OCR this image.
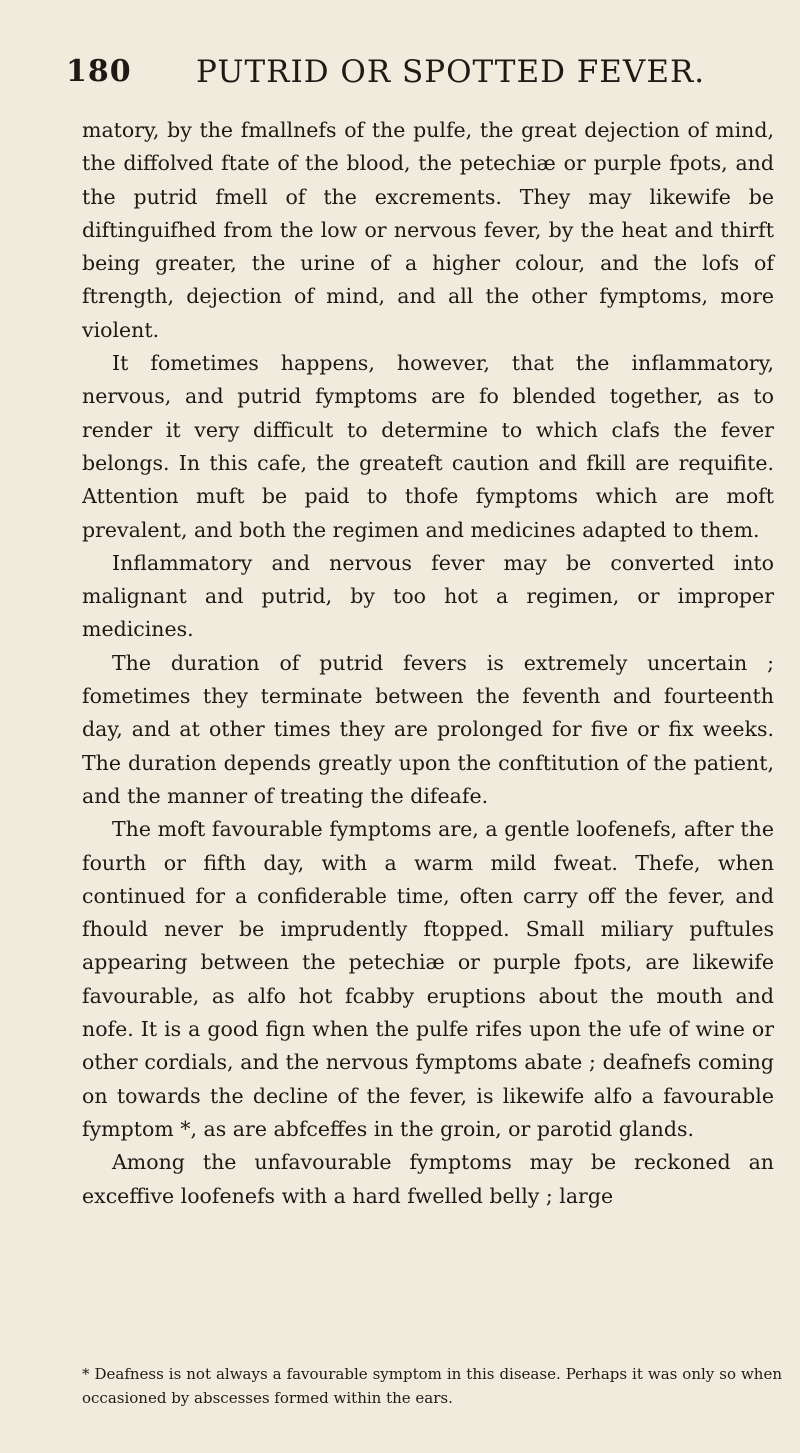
180 PUTRID OR SPOTTED FEVER.

matory, by the fmallnefs of the pulfe, the great dejection of mind, the diffolved ftate of the blood, the petechiæ or purple fpots, and the putrid fmell of the excrements. They may likewife be diftinguifhed from the low or nervous fever, by the heat and thirft being greater, the urine of a higher colour, and the lofs of ftrength, dejection of mind, and all the other fymptoms, more violent.

It fometimes happens, however, that the inflammatory, nervous, and putrid fymptoms are fo blended together, as to render it very difficult to determine to which clafs the fever belongs. In this cafe, the greateft caution and fkill are requifite. Attention muft be paid to thofe fymptoms which are moft prevalent, and both the regimen and medicines adapted to them.

Inflammatory and nervous fever may be converted into malignant and putrid, by too hot a regimen, or improper medicines.

The duration of putrid fevers is extremely uncertain ; fometimes they terminate between the feventh and fourteenth day, and at other times they are prolonged for five or fix weeks. The duration depends greatly upon the conftitution of the patient, and the manner of treating the difeafe.

The moft favourable fymptoms are, a gentle loofenefs, after the fourth or fifth day, with a warm mild fweat. Thefe, when continued for a confiderable time, often carry off the fever, and fhould never be imprudently ftopped. Small miliary puftules appearing between the petechiæ or purple fpots, are likewife favourable, as alfo hot fcabby eruptions about the mouth and nofe. It is a good fign when the pulfe rifes upon the ufe of wine or other cordials, and the nervous fymptoms abate ; deafnefs coming on towards the decline of the fever, is likewife alfo a favourable fymptom *, as are abfceffes in the groin, or parotid glands.

Among the unfavourable fymptoms may be reckoned an exceffive loofenefs with a hard fwelled belly ; large

* Deafness is not always a favourable symptom in this disease. Perhaps it was only so when occasioned by abscesses formed within the ears.
